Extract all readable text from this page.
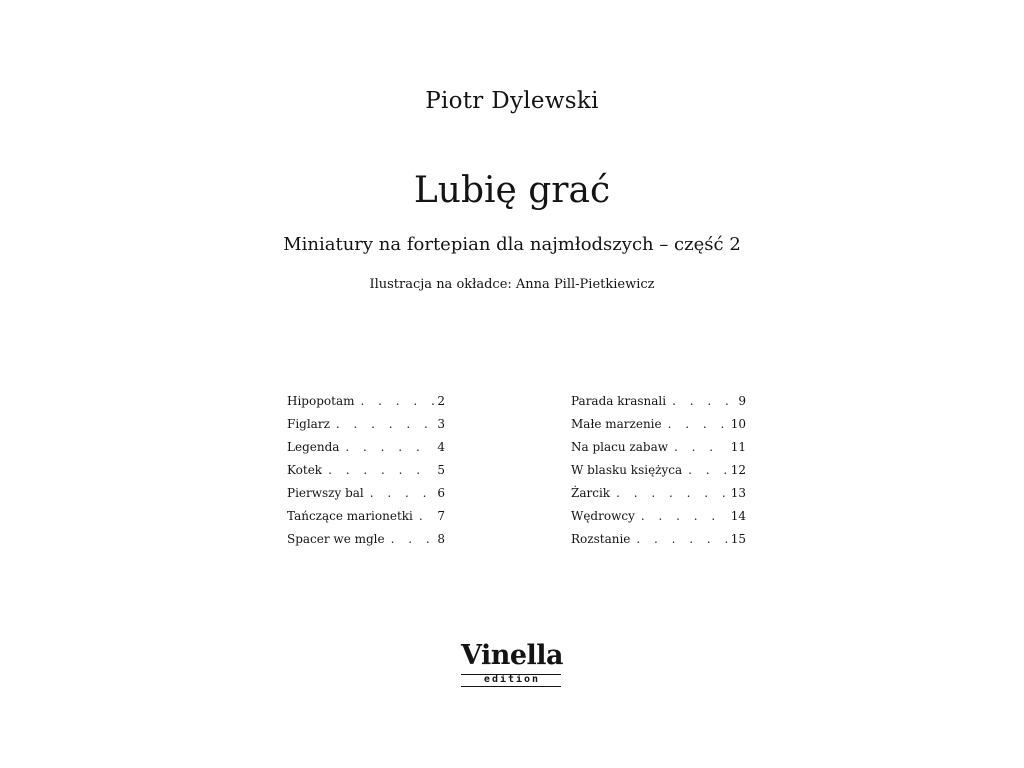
Piotr Dylewski
Lubię grać
Miniatury na fortepian dla najmłodszych – część 2
Ilustracja na okładce: Anna Pill-Pietkiewicz
Hipopotam . . .	2
Figlarz . . .	3
Legenda . . .	4
Kotek . . .	5
Pierwszy bal . . .	6
Tańczące marionetki . . . 7
Spacer we mgle . . .	8
Parada krasnali . . .	9
Małe marzenie . . .	10
Na placu zabaw . . .	11
W blasku księżyca . . .	12
Żarcik . . .	13
Wędrowcy . . .	14
Rozstanie . . .	15
Vinella
edition
